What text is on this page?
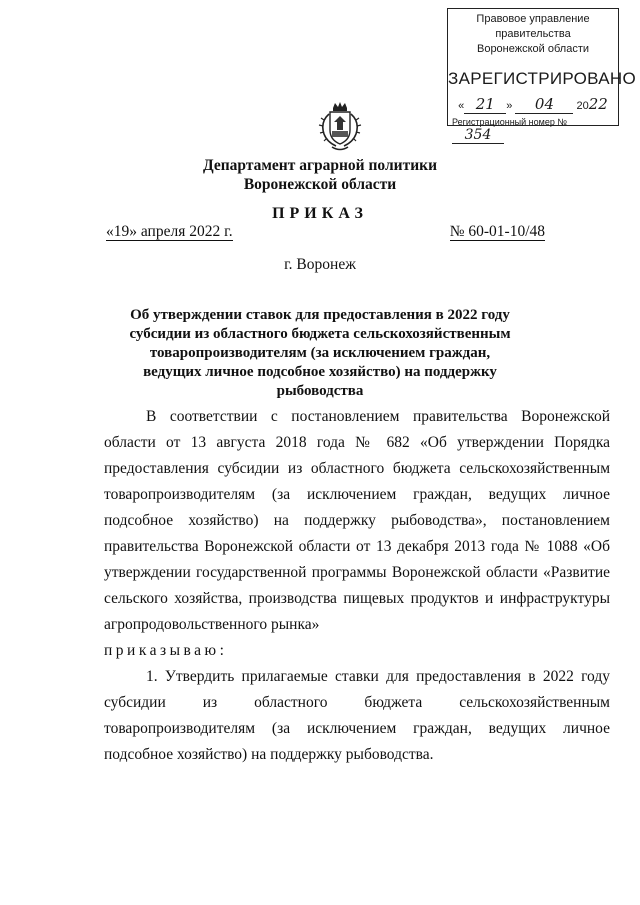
Правовое управление правительства
Воронежской области
ЗАРЕГИСТРИРОВАНО
« 21 » 04 2022
Регистрационный номер № 354
Департамент аграрной политики
Воронежской области
ПРИКАЗ
«19» апреля 2022 г.	№ 60-01-10/48
г. Воронеж
Об утверждении ставок для предоставления в 2022 году субсидии из областного бюджета сельскохозяйственным товаропроизводителям (за исключением граждан, ведущих личное подсобное хозяйство) на поддержку рыбоводства
В соответствии с постановлением правительства Воронежской области от 13 августа 2018 года № 682 «Об утверждении Порядка предоставления субсидии из областного бюджета сельскохозяйственным товаропроизводителям (за исключением граждан, ведущих личное подсобное хозяйство) на поддержку рыбоводства», постановлением правительства Воронежской области от 13 декабря 2013 года № 1088 «Об утверждении государственной программы Воронежской области «Развитие сельского хозяйства, производства пищевых продуктов и инфраструктуры агропродовольственного рынка»
приказываю:
1. Утвердить прилагаемые ставки для предоставления в 2022 году субсидии из областного бюджета сельскохозяйственным товаропроизводителям (за исключением граждан, ведущих личное подсобное хозяйство) на поддержку рыбоводства.
